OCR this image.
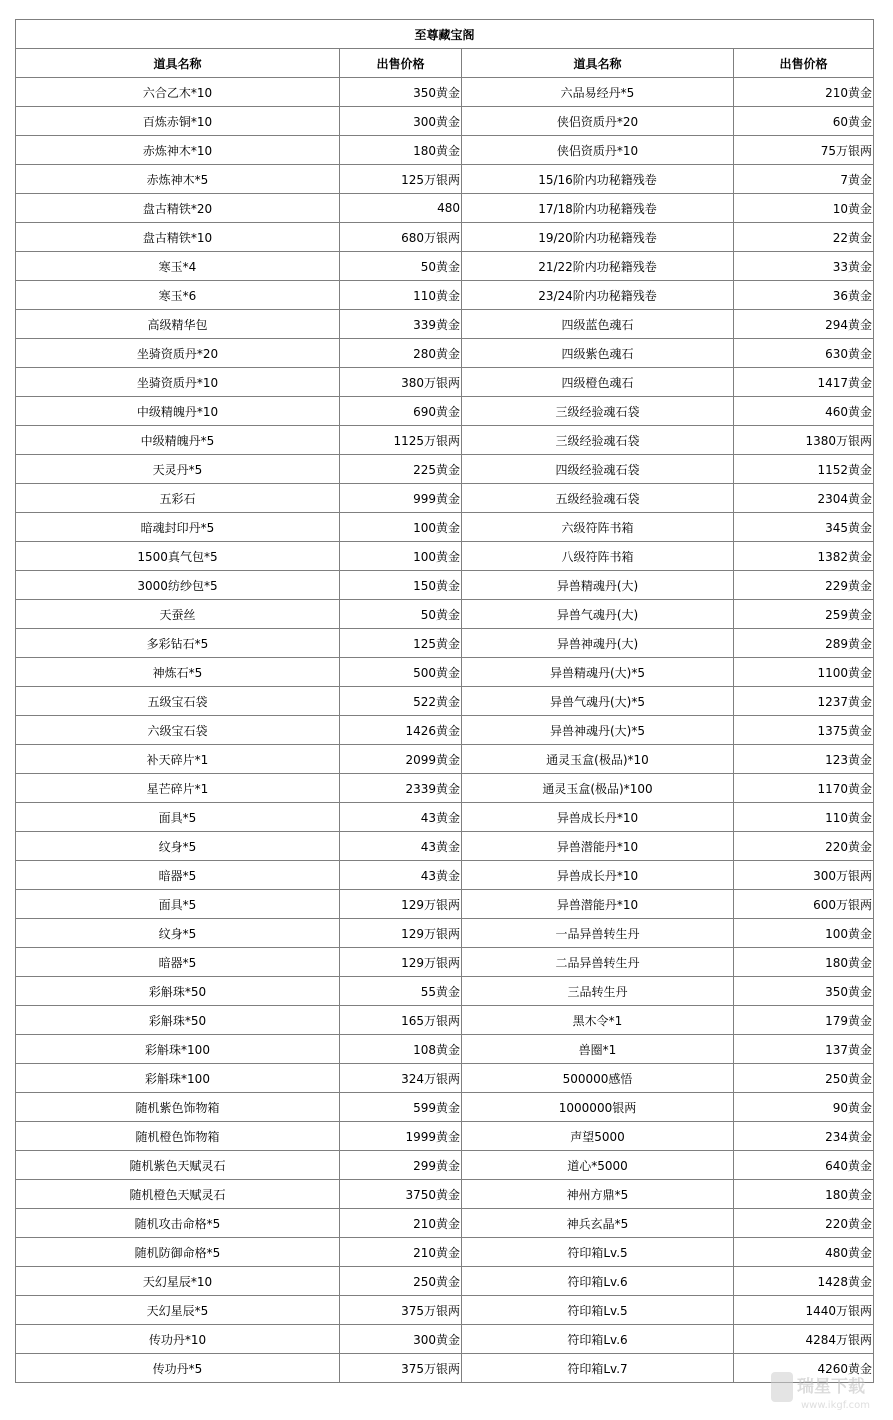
至尊藏宝阁			
道具名称	出售价格	道具名称	出售价格
六合乙木*10	350黄金	六品易经丹*5	210黄金
百炼赤铜*10	300黄金	侠侣资质丹*20	60黄金
赤炼神木*10	180黄金	侠侣资质丹*10	75万银两
赤炼神木*5	125万银两	15/16阶内功秘籍残卷	7黄金
盘古精铁*20	480	17/18阶内功秘籍残卷	10黄金
盘古精铁*10	680万银两	19/20阶内功秘籍残卷	22黄金
寒玉*4	50黄金	21/22阶内功秘籍残卷	33黄金
寒玉*6	110黄金	23/24阶内功秘籍残卷	36黄金
高级精华包	339黄金	四级蓝色魂石	294黄金
坐骑资质丹*20	280黄金	四级紫色魂石	630黄金
坐骑资质丹*10	380万银两	四级橙色魂石	1417黄金
中级精魄丹*10	690黄金	三级经验魂石袋	460黄金
中级精魄丹*5	1125万银两	三级经验魂石袋	1380万银两
天灵丹*5	225黄金	四级经验魂石袋	1152黄金
五彩石	999黄金	五级经验魂石袋	2304黄金
暗魂封印丹*5	100黄金	六级符阵书箱	345黄金
1500真气包*5	100黄金	八级符阵书箱	1382黄金
3000纺纱包*5	150黄金	异兽精魂丹(大)	229黄金
天蚕丝	50黄金	异兽气魂丹(大)	259黄金
多彩钻石*5	125黄金	异兽神魂丹(大)	289黄金
神炼石*5	500黄金	异兽精魂丹(大)*5	1100黄金
五级宝石袋	522黄金	异兽气魂丹(大)*5	1237黄金
六级宝石袋	1426黄金	异兽神魂丹(大)*5	1375黄金
补天碎片*1	2099黄金	通灵玉盒(极品)*10	123黄金
星芒碎片*1	2339黄金	通灵玉盒(极品)*100	1170黄金
面具*5	43黄金	异兽成长丹*10	110黄金
纹身*5	43黄金	异兽潜能丹*10	220黄金
暗器*5	43黄金	异兽成长丹*10	300万银两
面具*5	129万银两	异兽潜能丹*10	600万银两
纹身*5	129万银两	一品异兽转生丹	100黄金
暗器*5	129万银两	二品异兽转生丹	180黄金
彩斛珠*50	55黄金	三品转生丹	350黄金
彩斛珠*50	165万银两	黑木令*1	179黄金
彩斛珠*100	108黄金	兽圈*1	137黄金
彩斛珠*100	324万银两	500000感悟	250黄金
随机紫色饰物箱	599黄金	1000000银两	90黄金
随机橙色饰物箱	1999黄金	声望5000	234黄金
随机紫色天赋灵石	299黄金	道心*5000	640黄金
随机橙色天赋灵石	3750黄金	神州方鼎*5	180黄金
随机攻击命格*5	210黄金	神兵玄晶*5	220黄金
随机防御命格*5	210黄金	符印箱Lv.5	480黄金
天幻星辰*10	250黄金	符印箱Lv.6	1428黄金
天幻星辰*5	375万银两	符印箱Lv.5	1440万银两
传功丹*10	300黄金	符印箱Lv.6	4284万银两
传功丹*5	375万银两	符印箱Lv.7	4260黄金
瑞星下载
www.ikgf.com
